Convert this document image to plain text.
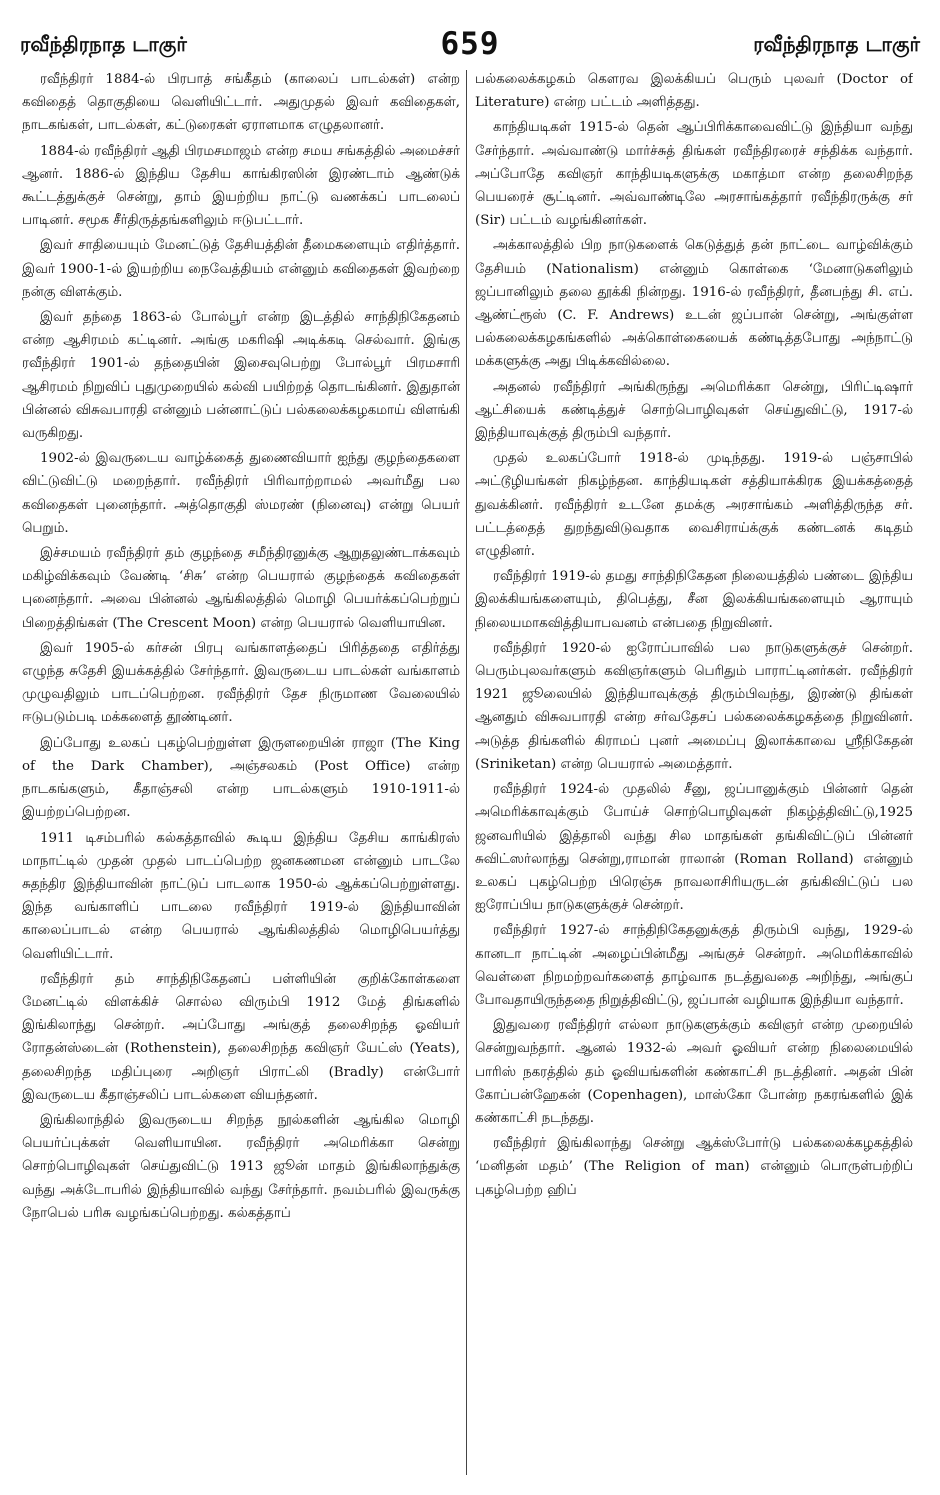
ரவீந்திரநாத டாகுர்	659	ரவீந்திரநாத டாகுர்

ரவீந்திரர் 1884-ல் பிரபாத் சங்கீதம் (காலைப் பாடல்கள்) என்ற கவிதைத் தொகுதியை வெளியிட்டார். அதுமுதல் இவர் கவிதைகள், நாடகங்கள், பாடல்கள், கட்டுரைகள் ஏராளமாக எழுதலானர்.

1884-ல் ரவீந்திரர் ஆதி பிரமசமாஜம் என்ற சமய சங்கத்தில் அமைச்சர் ஆனர். 1886-ல் இந்திய தேசிய காங்கிரஸின் இரண்டாம் ஆண்டுக் கூட்டத்துக்குச் சென்று, தாம் இயற்றிய நாட்டு வணக்கப் பாடலைப் பாடினர். சமூக சீர்திருத்தங்களிலும் ஈடுபட்டார்.

இவர் சாதியையும் மேனட்டுத் தேசியத்தின் தீமைகளையும் எதிர்த்தார். இவர் 1900-1-ல் இயற்றிய நைவேத்தியம் என்னும் கவிதைகள் இவற்றை நன்கு விளக்கும்.

இவர் தந்தை 1863-ல் போல்பூர் என்ற இடத்தில் சாந்திநிகேதனம் என்ற ஆசிரமம் கட்டினர். அங்கு மகரிஷி அடிக்கடி செல்வார். இங்கு ரவீந்திரர் 1901-ல் தந்தையின் இசைவுபெற்று போல்பூர் பிரமசாரி ஆசிரமம் நிறுவிப் புதுமுறையில் கல்வி பயிற்றத் தொடங்கினர். இதுதான் பின்னல் விசுவபாரதி என்னும் பன்னாட்டுப் பல்கலைக்கழகமாய் விளங்கி வருகிறது.

1902-ல் இவருடைய வாழ்க்கைத் துணைவியார் ஐந்து குழந்தைகளை விட்டுவிட்டு மறைந்தார். ரவீந்திரர் பிரிவாற்றாமல் அவர்மீது பல கவிதைகள் புனைந்தார். அத்தொகுதி ஸ்மரண் (நினைவு) என்று பெயர் பெறும்.

இச்சமயம் ரவீந்திரர் தம் குழந்தை சமீந்திரனுக்கு ஆறுதலுண்டாக்கவும் மகிழ்விக்கவும் வேண்டி ‘சிசு’ என்ற பெயரால் குழந்தைக் கவிதைகள் புனைந்தார். அவை பின்னல் ஆங்கிலத்தில் மொழி பெயர்க்கப்பெற்றுப் பிறைத்திங்கள் (The Crescent Moon) என்ற பெயரால் வெளியாயின.

இவர் 1905-ல் கர்சன் பிரபு வங்காளத்தைப் பிரித்ததை எதிர்த்து எழுந்த சுதேசி இயக்கத்தில் சேர்ந்தார். இவருடைய பாடல்கள் வங்காளம் முழுவதிலும் பாடப்பெற்றன. ரவீந்திரர் தேச நிருமாண வேலையில் ஈடுபடும்படி மக்களைத் தூண்டினர்.

இப்போது உலகப் புகழ்பெற்றுள்ள இருளறையின் ராஜா (The King of the Dark Chamber), அஞ்சலகம் (Post Office) என்ற நாடகங்களும், கீதாஞ்சலி என்ற பாடல்களும் 1910-1911-ல் இயற்றப்பெற்றன.

1911 டிசம்பரில் கல்கத்தாவில் கூடிய இந்திய தேசிய காங்கிரஸ் மாநாட்டில் முதன் முதல் பாடப்பெற்ற ஜனகணமன என்னும் பாடலே சுதந்திர இந்தியாவின் நாட்டுப் பாடலாக 1950-ல் ஆக்கப்பெற்றுள்ளது. இந்த வங்காளிப் பாடலை ரவீந்திரர் 1919-ல் இந்தியாவின் காலைப்பாடல் என்ற பெயரால் ஆங்கிலத்தில் மொழிபெயர்த்து வெளியிட்டார்.

ரவீந்திரர் தம் சாந்திநிகேதனப் பள்ளியின் குறிக்கோள்களை மேனட்டில் விளக்கிச் சொல்ல விரும்பி 1912 மேத் திங்களில் இங்கிலாந்து சென்றர். அப்போது அங்குத் தலைசிறந்த ஓவியர் ரோதன்ஸ்டைன் (Rothenstein), தலைசிறந்த கவிஞர் யேட்ஸ் (Yeats), தலைசிறந்த மதிப்புரை அறிஞர் பிராட்லி (Bradly) என்போர் இவருடைய கீதாஞ்சலிப் பாடல்களை வியந்தனர்.

இங்கிலாந்தில் இவருடைய சிறந்த நூல்களின் ஆங்கில மொழி பெயர்ப்புக்கள் வெளியாயின. ரவீந்திரர் அமெரிக்கா சென்று சொற்பொழிவுகள் செய்துவிட்டு 1913 ஜூன் மாதம் இங்கிலாந்துக்கு வந்து அக்டோபரில் இந்தியாவில் வந்து சேர்ந்தார். நவம்பரில் இவருக்கு நோபெல் பரிசு வழங்கப்பெற்றது. கல்கத்தாப்

பல்கலைக்கழகம் கௌரவ இலக்கியப் பெரும் புலவர் (Doctor of Literature) என்ற பட்டம் அளித்தது.

காந்தியடிகள் 1915-ல் தென் ஆப்பிரிக்காவைவிட்டு இந்தியா வந்து சேர்ந்தார். அவ்வாண்டு மார்ச்சுத் திங்கள் ரவீந்திரரைச் சந்திக்க வந்தார். அப்போதே கவிஞர் காந்தியடிகளுக்கு மகாத்மா என்ற தலைசிறந்த பெயரைச் சூட்டினர். அவ்வாண்டிலே அரசாங்கத்தார் ரவீந்திரருக்கு சர் (Sir) பட்டம் வழங்கினர்கள்.

அக்காலத்தில் பிற நாடுகளைக் கெடுத்துத் தன் நாட்டை வாழ்விக்கும் தேசியம் (Nationalism) என்னும் கொள்கை ‘மேனாடுகளிலும் ஜப்பானிலும் தலை தூக்கி நின்றது. 1916-ல் ரவீந்திரர், தீனபந்து சி. எப். ஆண்ட்ரூஸ் (C. F. Andrews) உடன் ஜப்பான் சென்று, அங்குள்ள பல்கலைக்கழகங்களில் அக்கொள்கையைக் கண்டித்தபோது அந்நாட்டு மக்களுக்கு அது பிடிக்கவில்லை.

அதனல் ரவீந்திரர் அங்கிருந்து அமெரிக்கா சென்று, பிரிட்டிஷார் ஆட்சியைக் கண்டித்துச் சொற்பொழிவுகள் செய்துவிட்டு, 1917-ல் இந்தியாவுக்குத் திரும்பி வந்தார்.

முதல் உலகப்போர் 1918-ல் முடிந்தது. 1919-ல் பஞ்சாபில் அட்டூழியங்கள் நிகழ்ந்தன. காந்தியடிகள் சத்தியாக்கிரக இயக்கத்தைத் துவக்கினர். ரவீந்திரர் உடனே தமக்கு அரசாங்கம் அளித்திருந்த சர். பட்டத்தைத் துறந்துவிடுவதாக வைசிராய்க்குக் கண்டனக் கடிதம் எழுதினர்.

ரவீந்திரர் 1919-ல் தமது சாந்திநிகேதன நிலையத்தில் பண்டை இந்திய இலக்கியங்களையும், திபெத்து, சீன இலக்கியங்களையும் ஆராயும் நிலையமாகவித்தியாபவனம் என்பதை நிறுவினர்.

ரவீந்திரர் 1920-ல் ஐரோப்பாவில் பல நாடுகளுக்குச் சென்றர். பெரும்புலவர்களும் கவிஞர்களும் பெரிதும் பாராட்டினர்கள். ரவீந்திரர் 1921 ஜூலையில் இந்தியாவுக்குத் திரும்பிவந்து, இரண்டு திங்கள் ஆனதும் விசுவபாரதி என்ற சர்வதேசப் பல்கலைக்கழகத்தை நிறுவினர். அடுத்த திங்களில் கிராமப் புனர் அமைப்பு இலாக்காவை ஸ்ரீநிகேதன் (Sriniketan) என்ற பெயரால் அமைத்தார்.

ரவீந்திரர் 1924-ல் முதலில் சீனு, ஜப்பானுக்கும் பின்னர் தென் அமெரிக்காவுக்கும் போய்ச் சொற்பொழிவுகள் நிகழ்த்திவிட்டு,1925 ஜனவரியில் இத்தாலி வந்து சில மாதங்கள் தங்கிவிட்டுப் பின்னர் சுவிட்ஸர்லாந்து சென்று,ராமான் ராலான் (Roman Rolland) என்னும் உலகப் புகழ்பெற்ற பிரெஞ்சு நாவலாசிரியருடன் தங்கிவிட்டுப் பல ஐரோப்பிய நாடுகளுக்குச் சென்றர்.

ரவீந்திரர் 1927-ல் சாந்திநிகேதனுக்குத் திரும்பி வந்து, 1929-ல் கானடா நாட்டின் அழைப்பின்மீது அங்குச் சென்றர். அமெரிக்காவில் வெள்ளை நிறமற்றவர்களைத் தாழ்வாக நடத்துவதை அறிந்து, அங்குப் போவதாயிருந்ததை நிறுத்திவிட்டு, ஜப்பான் வழியாக இந்தியா வந்தார்.

இதுவரை ரவீந்திரர் எல்லா நாடுகளுக்கும் கவிஞர் என்ற முறையில் சென்றுவந்தார். ஆனல் 1932-ல் அவர் ஓவியர் என்ற நிலைமையில் பாரிஸ் நகரத்தில் தம் ஓவியங்களின் கண்காட்சி நடத்தினர். அதன் பின் கோப்பன்ஹேகன் (Copenhagen), மாஸ்கோ போன்ற நகரங்களில் இக் கண்காட்சி நடந்தது.

ரவீந்திரர் இங்கிலாந்து சென்று ஆக்ஸ்போர்டு பல்கலைக்கழகத்தில் ‘மனிதன் மதம்’ (The Religion of man) என்னும் பொருள்பற்றிப் புகழ்பெற்ற ஹிப்
